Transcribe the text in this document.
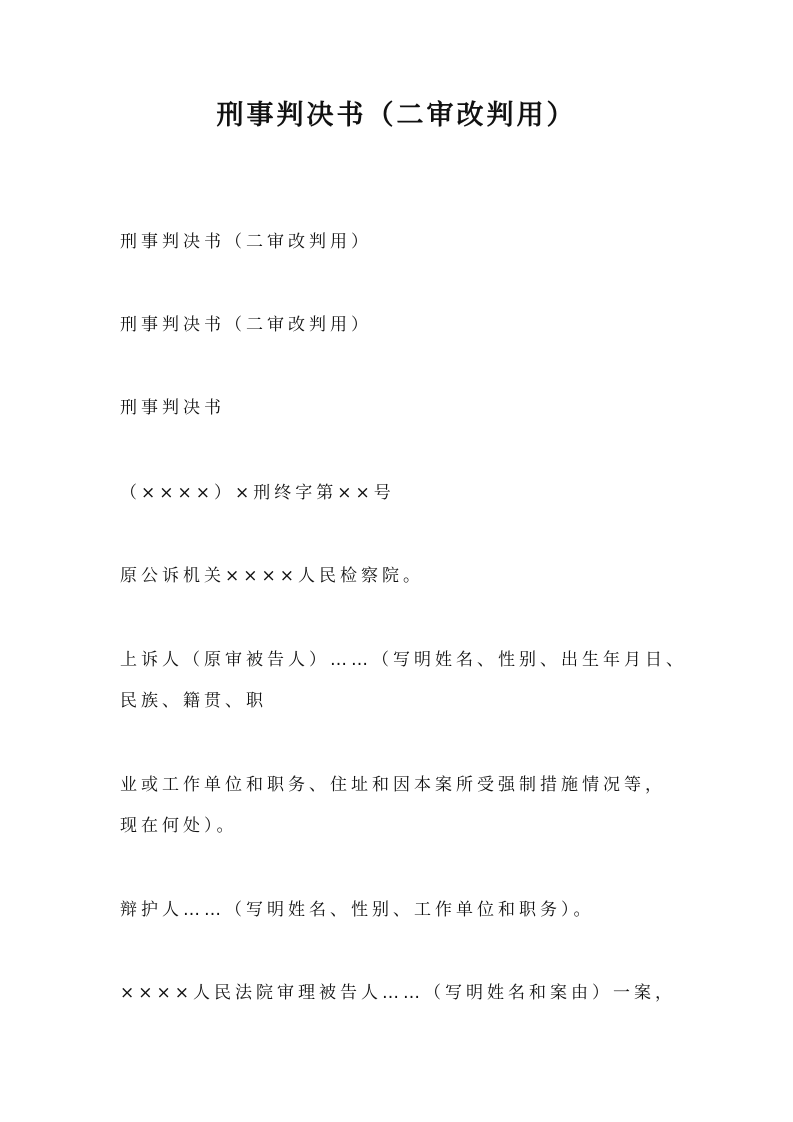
刑事判决书（二审改判用）
刑事判决书（二审改判用）
刑事判决书（二审改判用）
刑事判决书
（××××）×刑终字第××号
原公诉机关××××人民检察院。
上诉人（原审被告人）……（写明姓名、性别、出生年月日、
民族、籍贯、职
业或工作单位和职务、住址和因本案所受强制措施情况等，
现在何处）。
辩护人……（写明姓名、性别、工作单位和职务）。
××××人民法院审理被告人……（写明姓名和案由）一案，
